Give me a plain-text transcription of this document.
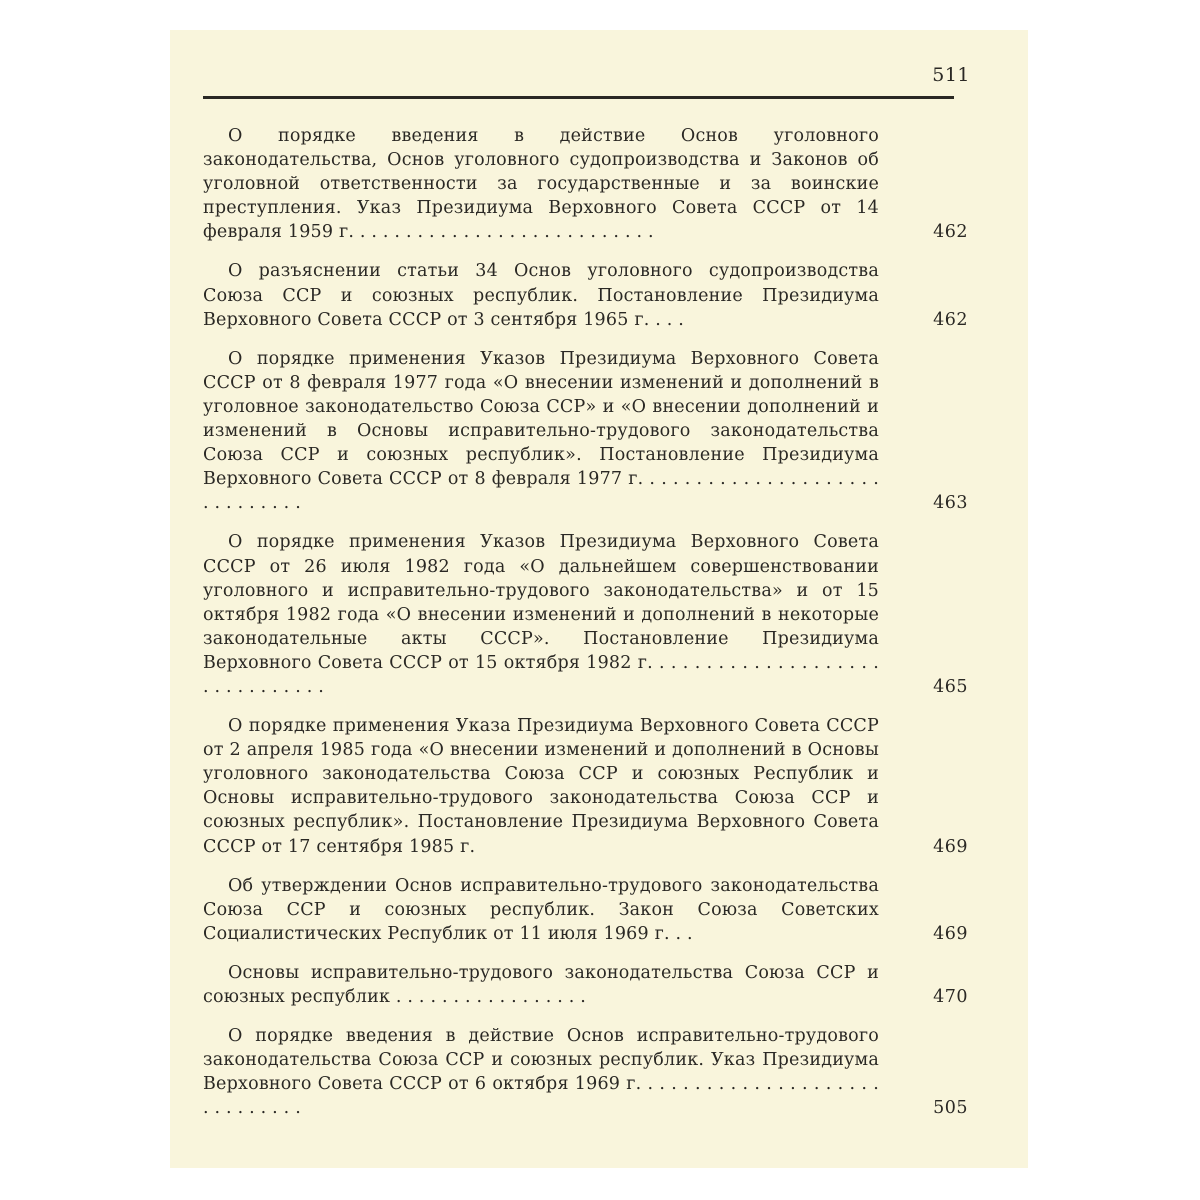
511
О порядке введения в действие Основ уголовного законодательства, Основ уголовного судопроизводства и Законов об уголовной ответственности за государственные и за воинские преступления. Указ Президиума Верховного Совета СССР от 14 февраля 1959 г. . . . . . . . . . . . . . . . . . . . . . . . . . .	462
О разъяснении статьи 34 Основ уголовного судопроизводства Союза ССР и союзных республик. Постановление Президиума Верховного Совета СССР от 3 сентября 1965 г. . . .	462
О порядке применения Указов Президиума Верховного Совета СССР от 8 февраля 1977 года «О внесении изменений и дополнений в уголовное законодательство Союза ССР» и «О внесении дополнений и изменений в Основы исправительно-трудового законодательства Союза ССР и союзных республик». Постановление Президиума Верховного Совета СССР от 8 февраля 1977 г. . . . . . . . . . . . . . . . . . . . . . . . . . . . . .	463
О порядке применения Указов Президиума Верховного Совета СССР от 26 июля 1982 года «О дальнейшем совершенствовании уголовного и исправительно-трудового законодательства» и от 15 октября 1982 года «О внесении изменений и дополнений в некоторые законодательные акты СССР». Постановление Президиума Верховного Совета СССР от 15 октября 1982 г. . . . . . . . . . . . . . . . . . . . . . . . . . . . . . .	465
О порядке применения Указа Президиума Верховного Совета СССР от 2 апреля 1985 года «О внесении изменений и дополнений в Основы уголовного законодательства Союза ССР и союзных Республик и Основы исправительно-трудового законодательства Союза ССР и союзных республик». Постановление Президиума Верховного Совета СССР от 17 сентября 1985 г.	469
Об утверждении Основ исправительно-трудового законодательства Союза ССР и союзных республик. Закон Союза Советских Социалистических Республик от 11 июля 1969 г. . .	469
Основы исправительно-трудового законодательства Союза ССР и союзных республик . . . . . . . . . . . . . . . . .	470
О порядке введения в действие Основ исправительно-трудового законодательства Союза ССР и союзных республик. Указ Президиума Верховного Совета СССР от 6 октября 1969 г. . . . . . . . . . . . . . . . . . . . . . . . . . . . . .	505
